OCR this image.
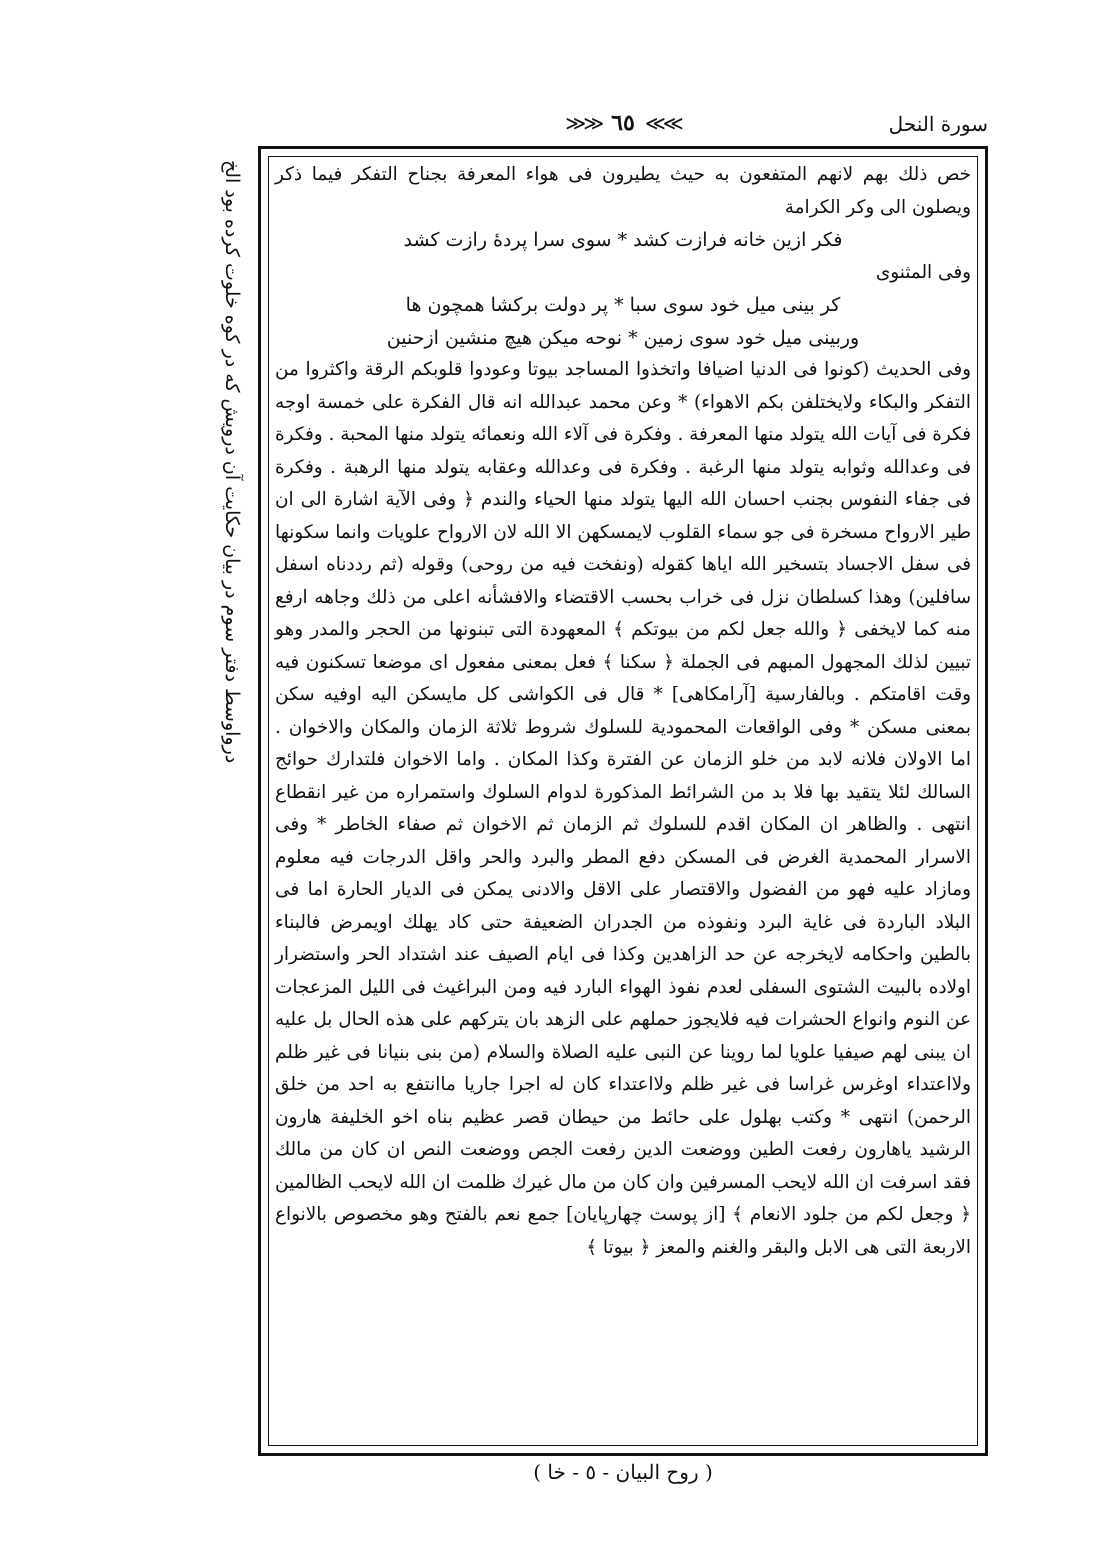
سورة النحل
≫≫ ٦٥ ≪≪
درواوسط دفتر سوم در بيان حكايت آن درويش كه در كوه خلوت كرده بود الخ	خص ذلك بهم لانهم المتفعون به حيث يطيرون فى هواء المعرفة بجناح التفكر فيما ذكر ويصلون الى وكر الكرامة

فكر ازين خانه فرازت كشد * سوى سرا پردهٔ رازت كشد

وفى المثنوى

كر بينى ميل خود سوى سبا * پر دولت بركشا همچون ها

وربينى ميل خود سوى زمين * نوحه ميكن هيچ منشين ازحنين

وفى الحديث (كونوا فى الدنيا اضيافا واتخذوا المساجد بيوتا وعودوا قلوبكم الرقة واكثروا من التفكر والبكاء ولايختلفن بكم الاهواء) * وعن محمد عبدالله انه قال الفكرة على خمسة اوجه فكرة فى آيات الله يتولد منها المعرفة . وفكرة فى آلاء الله ونعمائه يتولد منها المحبة . وفكرة فى وعدالله وثوابه يتولد منها الرغبة . وفكرة فى وعدالله وعقابه يتولد منها الرهبة . وفكرة فى جفاء النفوس بجنب احسان الله اليها يتولد منها الحياء والندم ﴿ وفى الآية اشارة الى ان طير الارواح مسخرة فى جو سماء القلوب لايمسكهن الا الله لان الارواح علويات وانما سكونها فى سفل الاجساد بتسخير الله اياها كقوله (ونفخت فيه من روحى) وقوله (ثم رددناه اسفل سافلين) وهذا كسلطان نزل فى خراب بحسب الاقتضاء والافشأنه اعلى من ذلك وجاهه ارفع منه كما لايخفى ﴿ والله جعل لكم من بيوتكم ﴾ المعهودة التى تبنونها من الحجر والمدر وهو تبيين لذلك المجهول المبهم فى الجملة ﴿ سكنا ﴾ فعل بمعنى مفعول اى موضعا تسكنون فيه وقت اقامتكم . وبالفارسية [آرامكاهى] * قال فى الكواشى كل مايسكن اليه اوفيه سكن بمعنى مسكن * وفى الواقعات المحمودية للسلوك شروط ثلاثة الزمان والمكان والاخوان . اما الاولان فلانه لابد من خلو الزمان عن الفترة وكذا المكان . واما الاخوان فلتدارك حوائج السالك لئلا يتقيد بها فلا بد من الشرائط المذكورة لدوام السلوك واستمراره من غير انقطاع انتهى . والظاهر ان المكان اقدم للسلوك ثم الزمان ثم الاخوان ثم صفاء الخاطر * وفى الاسرار المحمدية الغرض فى المسكن دفع المطر والبرد والحر واقل الدرجات فيه معلوم ومازاد عليه فهو من الفضول والاقتصار على الاقل والادنى يمكن فى الديار الحارة اما فى البلاد الباردة فى غاية البرد ونفوذه من الجدران الضعيفة حتى كاد يهلك اويمرض فالبناء بالطين واحكامه لايخرجه عن حد الزاهدين وكذا فى ايام الصيف عند اشتداد الحر واستضرار اولاده بالبيت الشتوى السفلى لعدم نفوذ الهواء البارد فيه ومن البراغيث فى الليل المزعجات عن النوم وانواع الحشرات فيه فلايجوز حملهم على الزهد بان يتركهم على هذه الحال بل عليه ان يبنى لهم صيفيا علويا لما روينا عن النبى عليه الصلاة والسلام (من بنى بنيانا فى غير ظلم ولااعتداء اوغرس غراسا فى غير ظلم ولااعتداء كان له اجرا جاريا ماانتفع به احد من خلق الرحمن) انتهى * وكتب بهلول على حائط من حيطان قصر عظيم بناه اخو الخليفة هارون الرشيد ياهارون رفعت الطين ووضعت الدين رفعت الجص ووضعت النص ان كان من مالك فقد اسرفت ان الله لايحب المسرفين وان كان من مال غيرك ظلمت ان الله لايحب الظالمين ﴿ وجعل لكم من جلود الانعام ﴾ [از پوست چهارپايان] جمع نعم بالفتح وهو مخصوص بالانواع الاربعة التى هى الابل والبقر والغنم والمعز ﴿ بيوتا ﴾

( روح البيان - ٥ - خا )
